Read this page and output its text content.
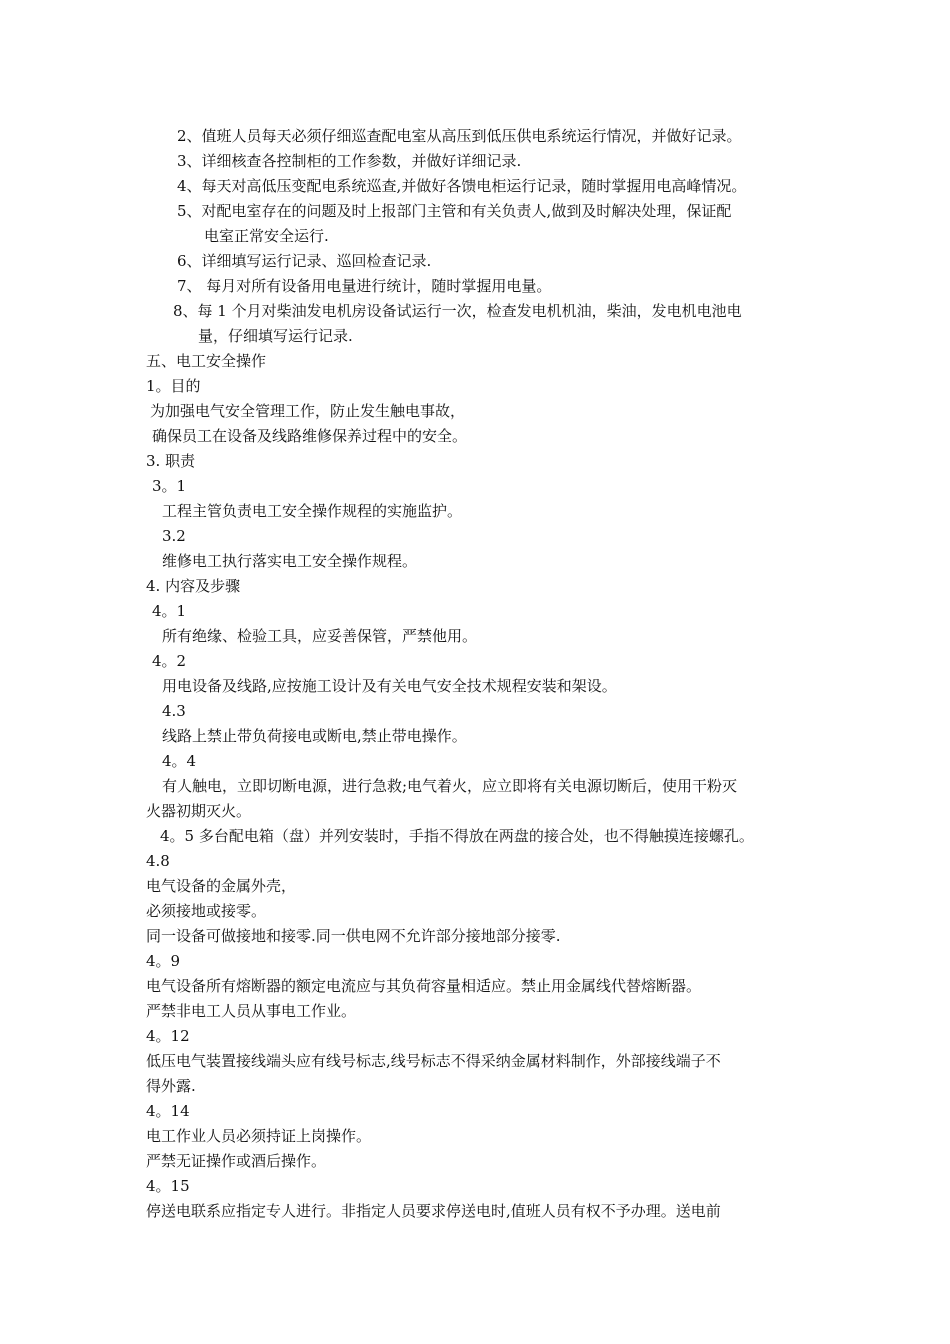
2、值班人员每天必须仔细巡查配电室从高压到低压供电系统运行情况，并做好记录。
3、详细核查各控制柜的工作参数，并做好详细记录.
4、每天对高低压变配电系统巡查,并做好各馈电柜运行记录，随时掌握用电高峰情况。
5、对配电室存在的问题及时上报部门主管和有关负责人,做到及时解决处理，保证配
电室正常安全运行.
6、详细填写运行记录、巡回检查记录.
7、 每月对所有设备用电量进行统计，随时掌握用电量。
8、每 1 个月对柴油发电机房设备试运行一次，检查发电机机油，柴油，发电机电池电
量，仔细填写运行记录.
五、电工安全操作
1。目的
为加强电气安全管理工作，防止发生触电事故，
确保员工在设备及线路维修保养过程中的安全。
3. 职责
3。1
工程主管负责电工安全操作规程的实施监护。
3.2
维修电工执行落实电工安全操作规程。
4. 内容及步骤
4。1
所有绝缘、检验工具，应妥善保管，严禁他用。
4。2
用电设备及线路,应按施工设计及有关电气安全技术规程安装和架设。
4.3
线路上禁止带负荷接电或断电,禁止带电操作。
4。4
有人触电，立即切断电源，进行急救;电气着火，应立即将有关电源切断后，使用干粉灭
火器初期灭火。
4。5 多台配电箱（盘）并列安装时，手指不得放在两盘的接合处，也不得触摸连接螺孔。
4.8
电气设备的金属外壳，
必须接地或接零。
同一设备可做接地和接零.同一供电网不允许部分接地部分接零.
4。9
电气设备所有熔断器的额定电流应与其负荷容量相适应。禁止用金属线代替熔断器。
严禁非电工人员从事电工作业。
4。12
低压电气装置接线端头应有线号标志,线号标志不得采纳金属材料制作，外部接线端子不
得外露.
4。14
电工作业人员必须持证上岗操作。
严禁无证操作或酒后操作。
4。15
停送电联系应指定专人进行。非指定人员要求停送电时,值班人员有权不予办理。送电前
